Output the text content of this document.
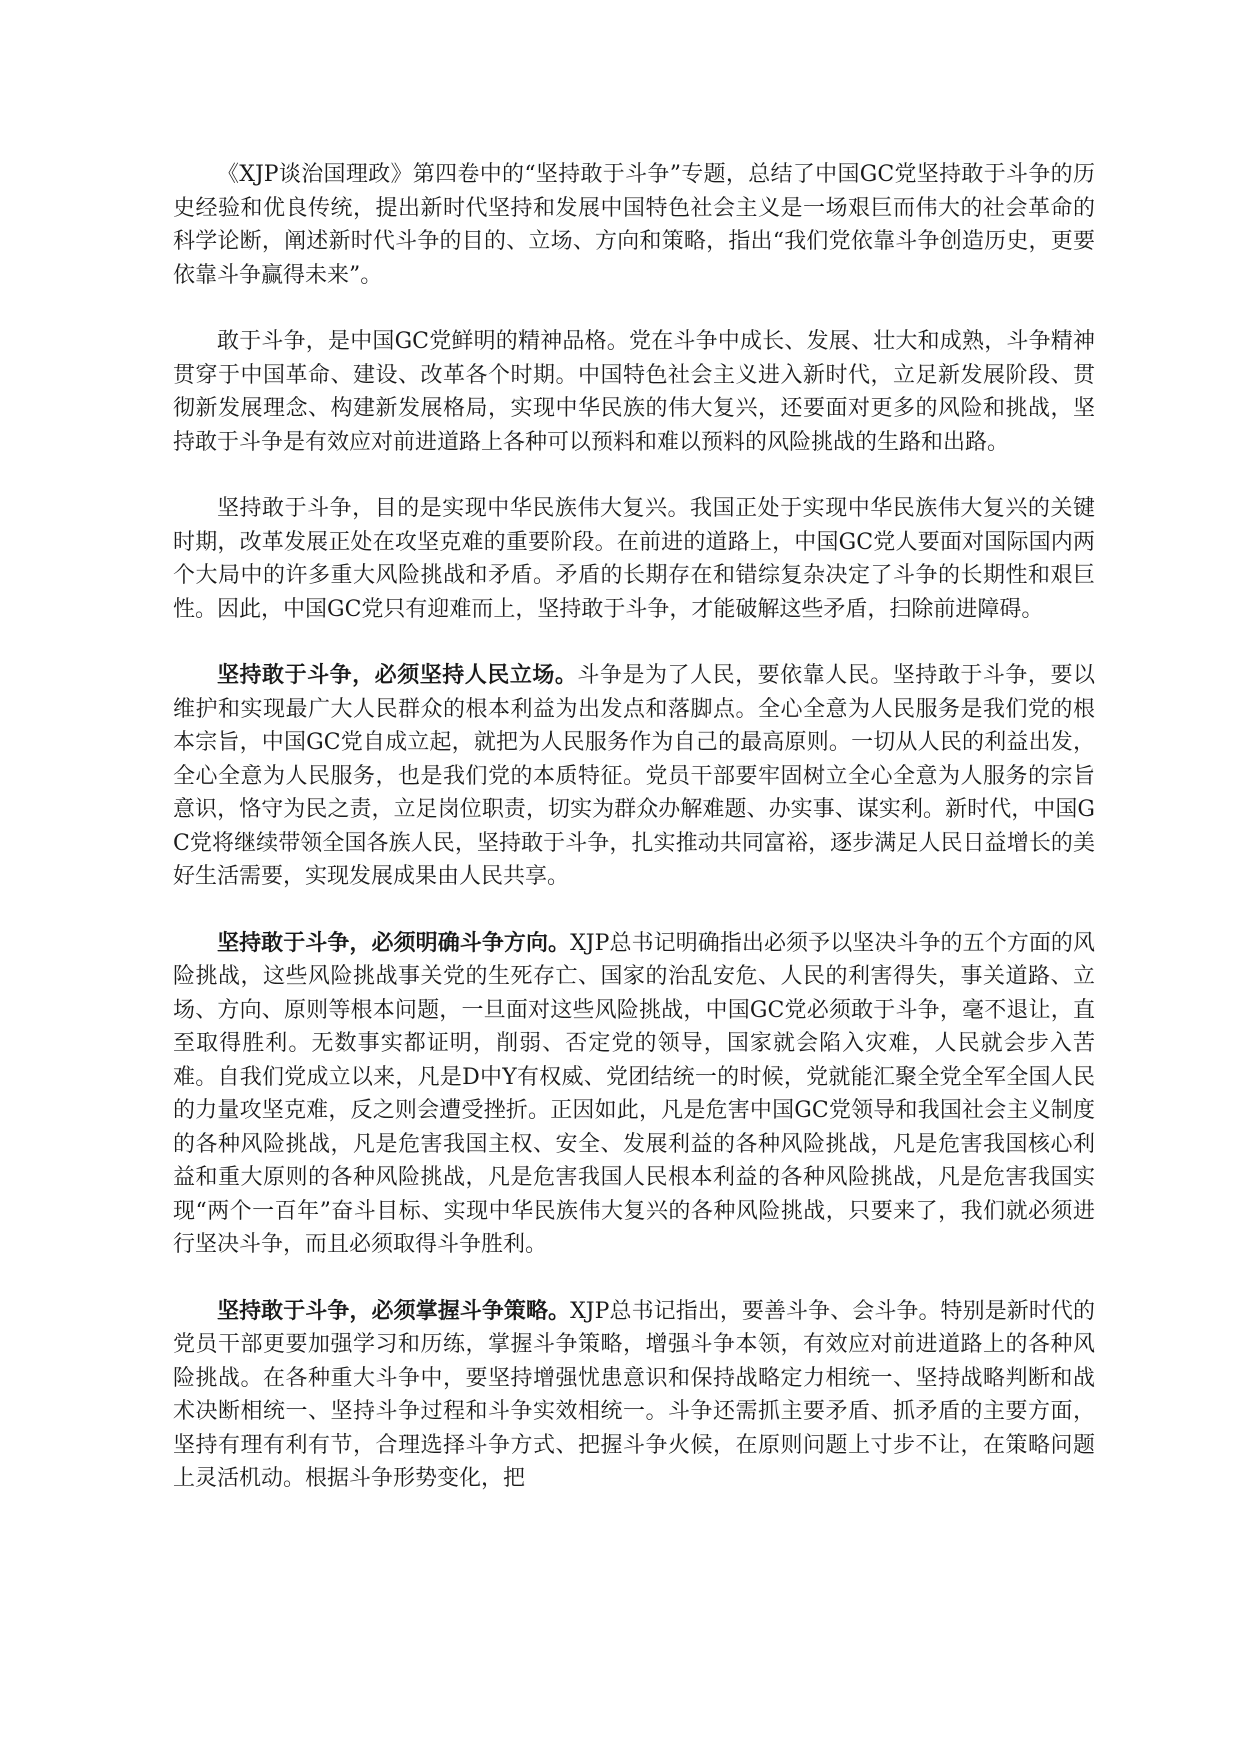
《XJP谈治国理政》第四卷中的“坚持敢于斗争”专题，总结了中国GC党坚持敢于斗争的历史经验和优良传统，提出新时代坚持和发展中国特色社会主义是一场艰巨而伟大的社会革命的科学论断，阐述新时代斗争的目的、立场、方向和策略，指出“我们党依靠斗争创造历史，更要依靠斗争赢得未来”。

敢于斗争，是中国GC党鲜明的精神品格。党在斗争中成长、发展、壮大和成熟，斗争精神贯穿于中国革命、建设、改革各个时期。中国特色社会主义进入新时代，立足新发展阶段、贯彻新发展理念、构建新发展格局，实现中华民族的伟大复兴，还要面对更多的风险和挑战，坚持敢于斗争是有效应对前进道路上各种可以预料和难以预料的风险挑战的生路和出路。

坚持敢于斗争，目的是实现中华民族伟大复兴。我国正处于实现中华民族伟大复兴的关键时期，改革发展正处在攻坚克难的重要阶段。在前进的道路上，中国GC党人要面对国际国内两个大局中的许多重大风险挑战和矛盾。矛盾的长期存在和错综复杂决定了斗争的长期性和艰巨性。因此，中国GC党只有迎难而上，坚持敢于斗争，才能破解这些矛盾，扫除前进障碍。

坚持敢于斗争，必须坚持人民立场。斗争是为了人民，要依靠人民。坚持敢于斗争，要以维护和实现最广大人民群众的根本利益为出发点和落脚点。全心全意为人民服务是我们党的根本宗旨，中国GC党自成立起，就把为人民服务作为自己的最高原则。一切从人民的利益出发，全心全意为人民服务，也是我们党的本质特征。党员干部要牢固树立全心全意为人服务的宗旨意识，恪守为民之责，立足岗位职责，切实为群众办解难题、办实事、谋实利。新时代，中国GC党将继续带领全国各族人民，坚持敢于斗争，扎实推动共同富裕，逐步满足人民日益增长的美好生活需要，实现发展成果由人民共享。

坚持敢于斗争，必须明确斗争方向。XJP总书记明确指出必须予以坚决斗争的五个方面的风险挑战，这些风险挑战事关党的生死存亡、国家的治乱安危、人民的利害得失，事关道路、立场、方向、原则等根本问题，一旦面对这些风险挑战，中国GC党必须敢于斗争，毫不退让，直至取得胜利。无数事实都证明，削弱、否定党的领导，国家就会陷入灾难，人民就会步入苦难。自我们党成立以来，凡是D中Y有权威、党团结统一的时候，党就能汇聚全党全军全国人民的力量攻坚克难，反之则会遭受挫折。正因如此，凡是危害中国GC党领导和我国社会主义制度的各种风险挑战，凡是危害我国主权、安全、发展利益的各种风险挑战，凡是危害我国核心利益和重大原则的各种风险挑战，凡是危害我国人民根本利益的各种风险挑战，凡是危害我国实现“两个一百年”奋斗目标、实现中华民族伟大复兴的各种风险挑战，只要来了，我们就必须进行坚决斗争，而且必须取得斗争胜利。

坚持敢于斗争，必须掌握斗争策略。XJP总书记指出，要善斗争、会斗争。特别是新时代的党员干部更要加强学习和历练，掌握斗争策略，增强斗争本领，有效应对前进道路上的各种风险挑战。在各种重大斗争中，要坚持增强忧患意识和保持战略定力相统一、坚持战略判断和战术决断相统一、坚持斗争过程和斗争实效相统一。斗争还需抓主要矛盾、抓矛盾的主要方面，坚持有理有利有节，合理选择斗争方式、把握斗争火候，在原则问题上寸步不让，在策略问题上灵活机动。根据斗争形势变化，把
